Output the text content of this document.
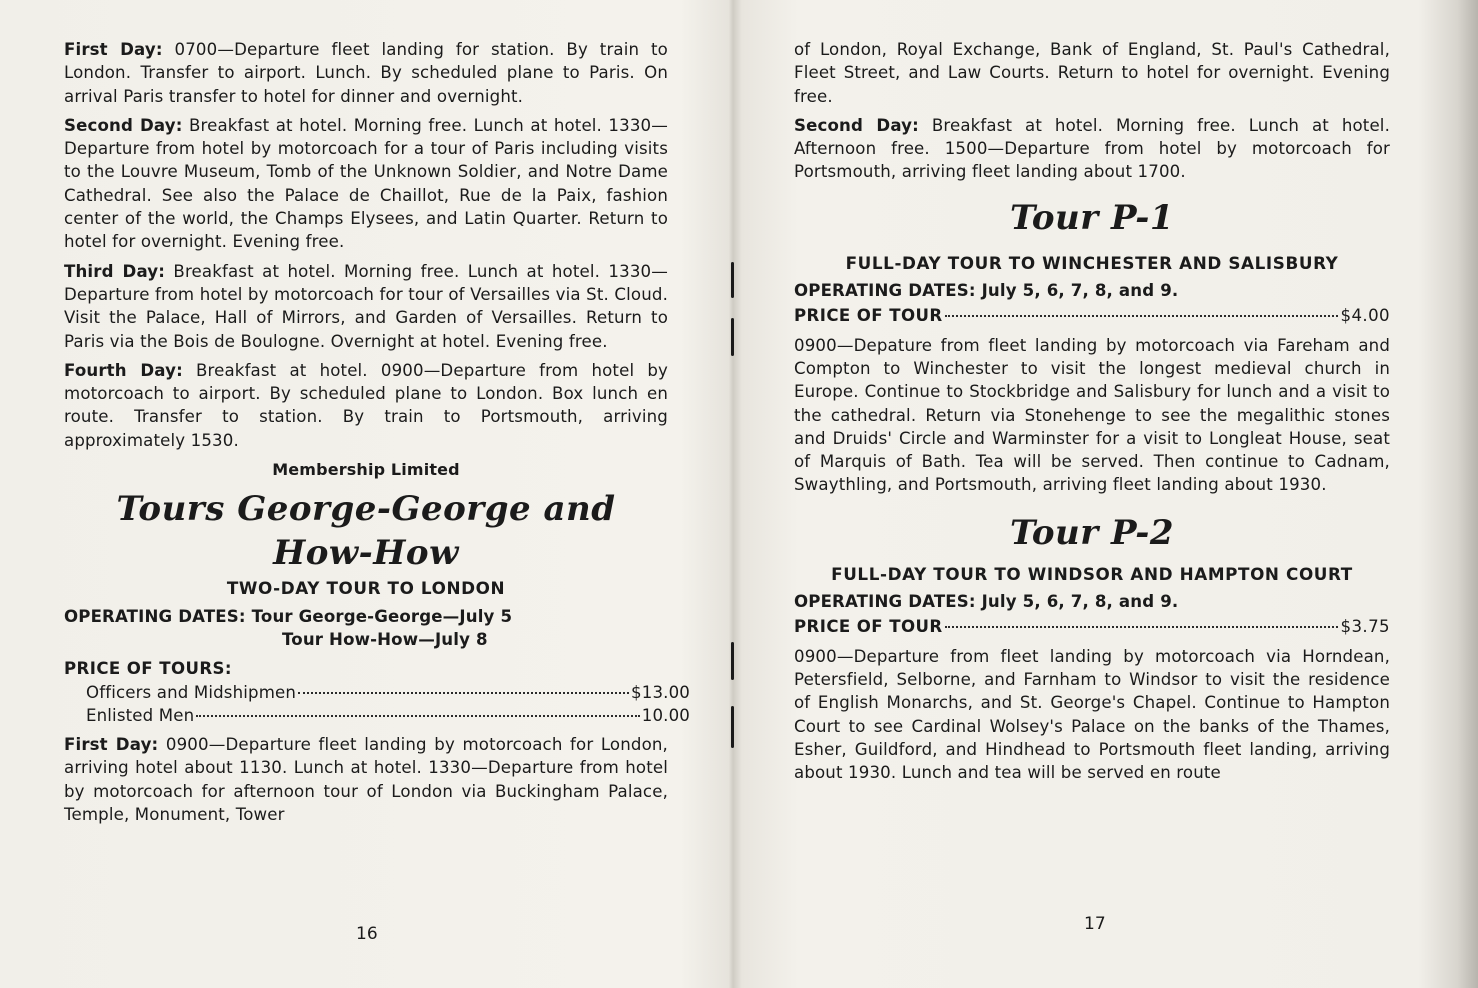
First Day: 0700—Departure fleet landing for station. By train to London. Transfer to airport. Lunch. By scheduled plane to Paris. On arrival Paris transfer to hotel for dinner and overnight.

Second Day: Breakfast at hotel. Morning free. Lunch at hotel. 1330—Departure from hotel by motorcoach for a tour of Paris including visits to the Louvre Museum, Tomb of the Unknown Soldier, and Notre Dame Cathedral. See also the Palace de Chaillot, Rue de la Paix, fashion center of the world, the Champs Elysees, and Latin Quarter. Return to hotel for overnight. Evening free.

Third Day: Breakfast at hotel. Morning free. Lunch at hotel. 1330—Departure from hotel by motorcoach for tour of Versailles via St. Cloud. Visit the Palace, Hall of Mirrors, and Garden of Versailles. Return to Paris via the Bois de Boulogne. Overnight at hotel. Evening free.

Fourth Day: Breakfast at hotel. 0900—Departure from hotel by motorcoach to airport. By scheduled plane to London. Box lunch en route. Transfer to station. By train to Portsmouth, arriving approximately 1530.

Membership Limited
Tours George-George and How-How
TWO-DAY TOUR TO LONDON
OPERATING DATES: Tour George-George—July 5
Tour How-How—July 8
PRICE OF TOURS:
Officers and Midshipmen	$13.00
Enlisted Men	10.00

First Day: 0900—Departure fleet landing by motorcoach for London, arriving hotel about 1130. Lunch at hotel. 1330—Departure from hotel by motorcoach for afternoon tour of London via Buckingham Palace, Temple, Monument, Tower

16

of London, Royal Exchange, Bank of England, St. Paul's Cathedral, Fleet Street, and Law Courts. Return to hotel for overnight. Evening free.

Second Day: Breakfast at hotel. Morning free. Lunch at hotel. Afternoon free. 1500—Departure from hotel by motorcoach for Portsmouth, arriving fleet landing about 1700.

Tour P-1
FULL-DAY TOUR TO WINCHESTER AND SALISBURY
OPERATING DATES: July 5, 6, 7, 8, and 9.
PRICE OF TOUR	$4.00

0900—Depature from fleet landing by motorcoach via Fareham and Compton to Winchester to visit the longest medieval church in Europe. Continue to Stockbridge and Salisbury for lunch and a visit to the cathedral. Return via Stonehenge to see the megalithic stones and Druids' Circle and Warminster for a visit to Longleat House, seat of Marquis of Bath. Tea will be served. Then continue to Cadnam, Swaythling, and Portsmouth, arriving fleet landing about 1930.

Tour P-2
FULL-DAY TOUR TO WINDSOR AND HAMPTON COURT
OPERATING DATES: July 5, 6, 7, 8, and 9.
PRICE OF TOUR	$3.75

0900—Departure from fleet landing by motorcoach via Horndean, Petersfield, Selborne, and Farnham to Windsor to visit the residence of English Monarchs, and St. George's Chapel. Continue to Hampton Court to see Cardinal Wolsey's Palace on the banks of the Thames, Esher, Guildford, and Hindhead to Portsmouth fleet landing, arriving about 1930. Lunch and tea will be served en route

17
